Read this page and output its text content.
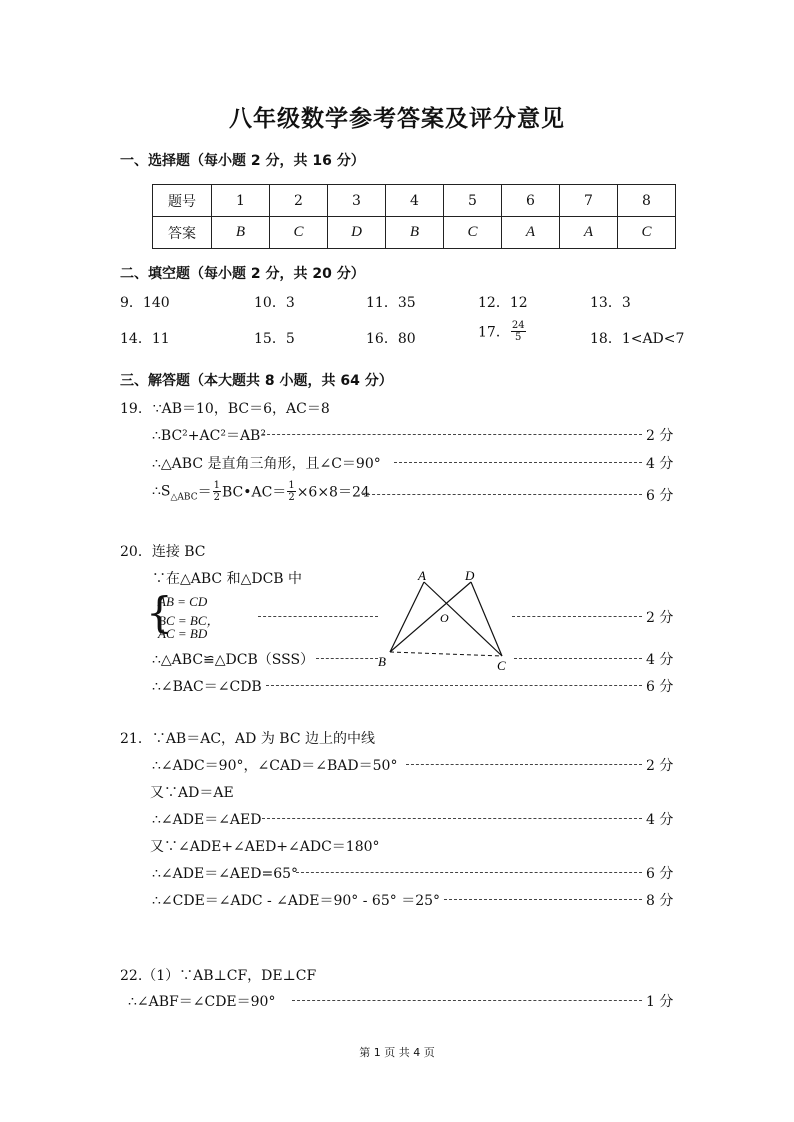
八年级数学参考答案及评分意见
一、选择题（每小题 2 分，共 16 分）
题号	1	2	3	4	5	6	7	8
答案	B	C	D	B	C	A	A	C
二、填空题（每小题 2 分，共 20 分）
9．140	10．3	11．35	12．12	13．3
14．11	15．5	16．80	17． $\frac{24}{5}$	18．1<AD<7
三、解答题（本大题共 8 小题，共 64 分）
19. ∵AB＝10，BC＝6，AC＝8
∴BC²+AC²＝AB²	2 分
∴△ABC 是直角三角形，且∠C＝90°	4 分
$\therefore S_{\triangle ABC}= \frac{1}{2}$ BC•AC＝ $\frac{1}{2} \times 6\times 8=24$	6 分
20．连接 BC
∵在△ABC 和△DCB 中
{
AB = CD
BC = BC，
AC = BD
2 分
∴△ABC≌△DCB（SSS）	4 分
∴∠BAC＝∠CDB	6 分
A	D
O
B	C
21．∵AB＝AC，AD 为 BC 边上的中线
∴∠ADC＝90°，∠CAD＝∠BAD＝50°	2 分
又∵AD＝AE
∴∠ADE＝∠AED	4 分
又∵∠ADE+∠AED+∠ADC＝180°
∴∠ADE＝∠AED=65°	6 分
∴∠CDE＝∠ADC - ∠ADE＝90° - 65° ＝25°	8 分
22.（1）∵AB⊥CF，DE⊥CF
∴∠ABF＝∠CDE＝90°	1 分
第 1 页 共 4 页
